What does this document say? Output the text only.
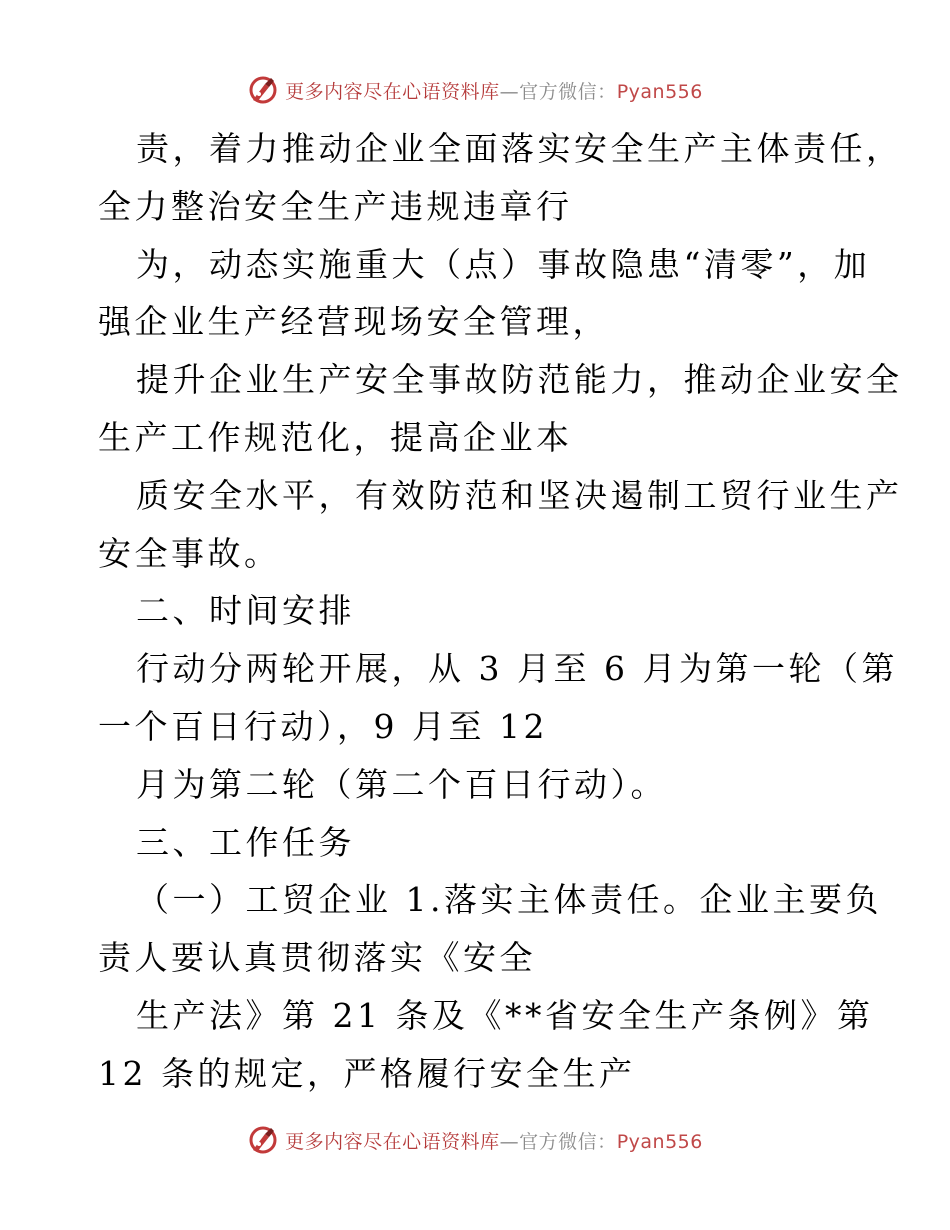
更多内容尽在心语资料库—官方微信：Pyan556
责，着力推动企业全面落实安全生产主体责任，
全力整治安全生产违规违章行
为，动态实施重大（点）事故隐患“清零”，加
强企业生产经营现场安全管理，
提升企业生产安全事故防范能力，推动企业安全
生产工作规范化，提高企业本
质安全水平，有效防范和坚决遏制工贸行业生产
安全事故。
二、时间安排
行动分两轮开展，从 3 月至 6 月为第一轮（第
一个百日行动），9 月至 12
月为第二轮（第二个百日行动）。
三、工作任务
（一）工贸企业 1.落实主体责任。企业主要负
责人要认真贯彻落实《安全
生产法》第 21 条及《**省安全生产条例》第
12 条的规定，严格履行安全生产
更多内容尽在心语资料库—官方微信：Pyan556
